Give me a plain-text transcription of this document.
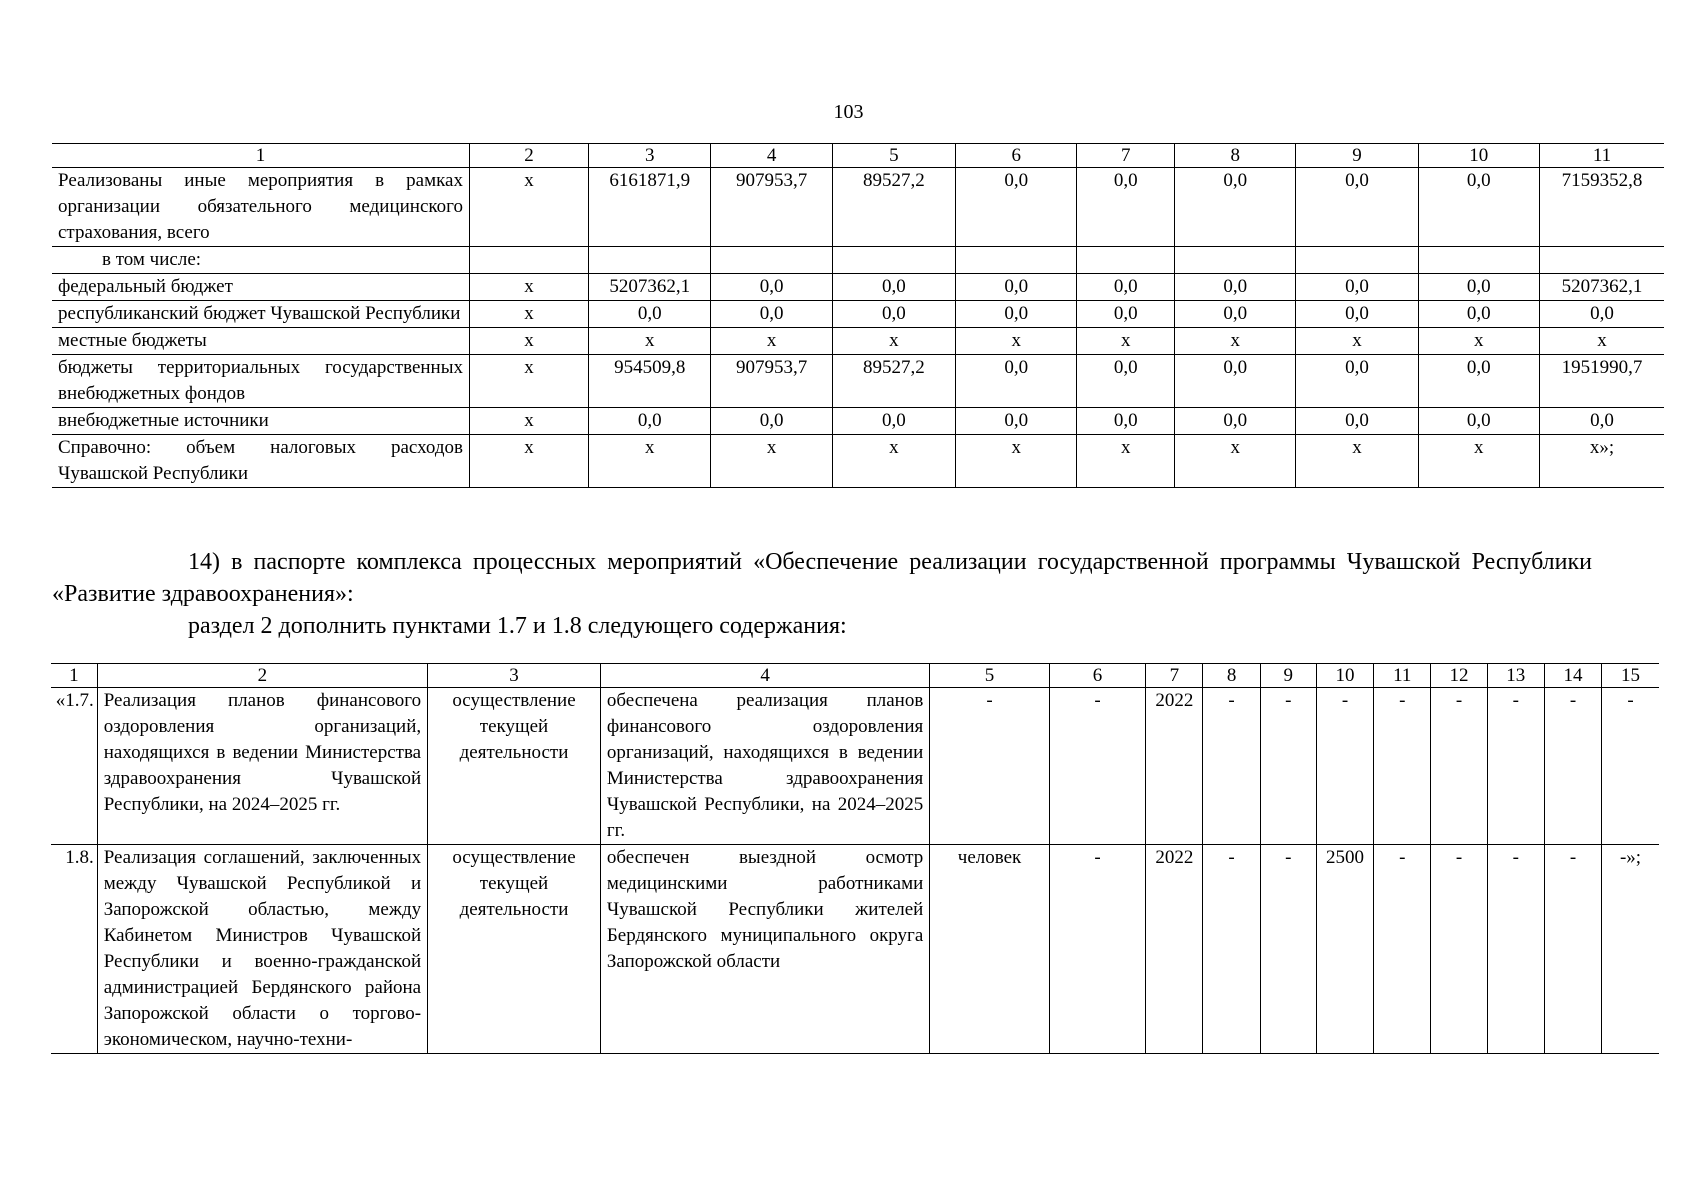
103
1	2	3	4	5	6	7	8	9	10	11
Реализованы иные мероприятия в рамках организации обязательного медицинского страхования, всего	x	6161871,9	907953,7	89527,2	0,0	0,0	0,0	0,0	0,0	7159352,8
в том числе:										
федеральный бюджет	x	5207362,1	0,0	0,0	0,0	0,0	0,0	0,0	0,0	5207362,1
республиканский бюджет Чувашской Республики	x	0,0	0,0	0,0	0,0	0,0	0,0	0,0	0,0	0,0
местные бюджеты	x	x	x	x	x	x	x	x	x	x
бюджеты территориальных государственных внебюджетных фондов	x	954509,8	907953,7	89527,2	0,0	0,0	0,0	0,0	0,0	1951990,7
внебюджетные источники	x	0,0	0,0	0,0	0,0	0,0	0,0	0,0	0,0	0,0
Справочно: объем налоговых расходов Чувашской Республики	x	x	x	x	x	x	x	x	x	x»;
14) в паспорте комплекса процессных мероприятий «Обеспечение реализации государственной программы Чувашской Республики «Развитие здравоохранения»:
раздел 2 дополнить пунктами 1.7 и 1.8 следующего содержания:
1	2	3	4	5	6	7	8	9	10	11	12	13	14	15
«1.7.	Реализация планов финансового оздоровления организаций, находящихся в ведении Министерства здравоохранения Чувашской Республики, на 2024–2025 гг.	осуществление текущей деятельности	обеспечена реализация планов финансового оздоровления организаций, находящихся в ведении Министерства здравоохранения Чувашской Республики, на 2024–2025 гг.	-	-	2022	-	-	-	-	-	-	-	-
1.8.	Реализация соглашений, заключенных между Чувашской Республикой и Запорожской областью, между Кабинетом Министров Чувашской Республики и военно-гражданской администрацией Бердянского района Запорожской области о торгово-экономическом, научно-техни-	осуществление текущей деятельности	обеспечен выездной осмотр медицинскими работниками Чувашской Республики жителей Бердянского муниципального округа Запорожской области	человек	-	2022	-	-	2500	-	-	-	-	-»;
